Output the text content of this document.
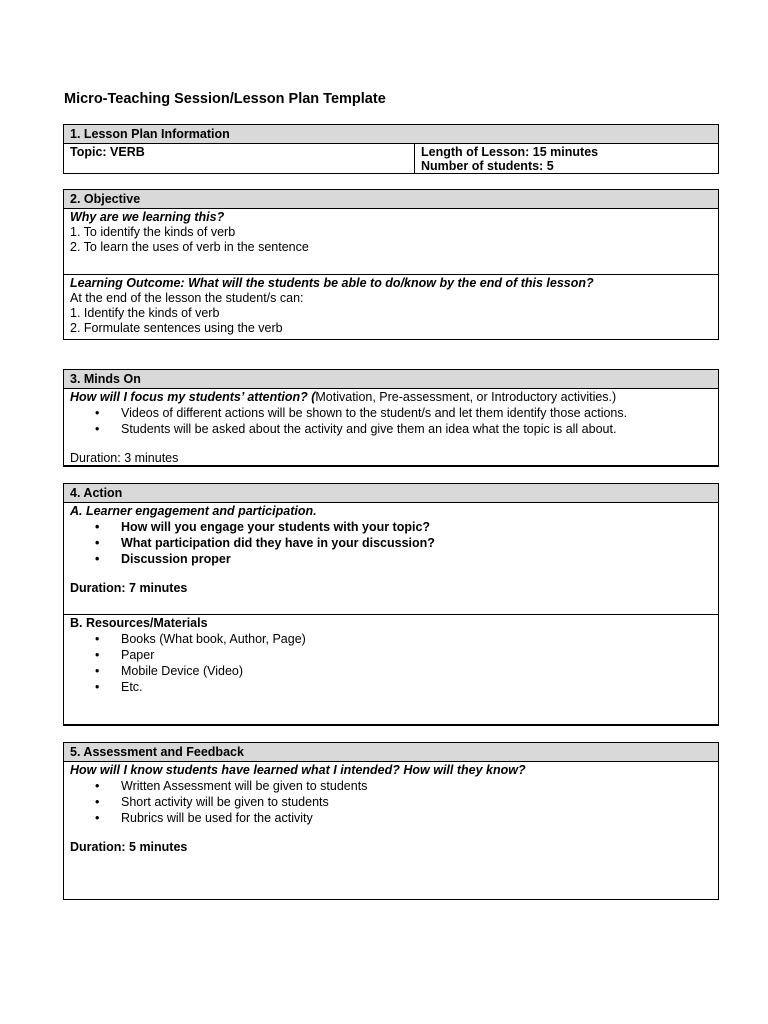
Micro-Teaching Session/Lesson Plan Template
1. Lesson Plan Information
Topic: VERB	Length of Lesson: 15 minutes
Number of students: 5
2. Objective
Why are we learning this?
1. To identify the kinds of verb
2. To learn the uses of verb in the sentence
Learning Outcome: What will the students be able to do/know by the end of this lesson?
At the end of the lesson the student/s can:
1. Identify the kinds of verb
2. Formulate sentences using the verb
3. Minds On
How will I focus my students’ attention? (Motivation, Pre-assessment, or Introductory activities.)
• Videos of different actions will be shown to the student/s and let them identify those actions.
• Students will be asked about the activity and give them an idea what the topic is all about.
Duration: 3 minutes
4. Action
A. Learner engagement and participation.
• How will you engage your students with your topic?
• What participation did they have in your discussion?
• Discussion proper
Duration: 7 minutes
B. Resources/Materials
• Books (What book, Author, Page)
• Paper
• Mobile Device (Video)
• Etc.
5. Assessment and Feedback
How will I know students have learned what I intended? How will they know?
• Written Assessment will be given to students
• Short activity will be given to students
• Rubrics will be used for the activity
Duration: 5 minutes
